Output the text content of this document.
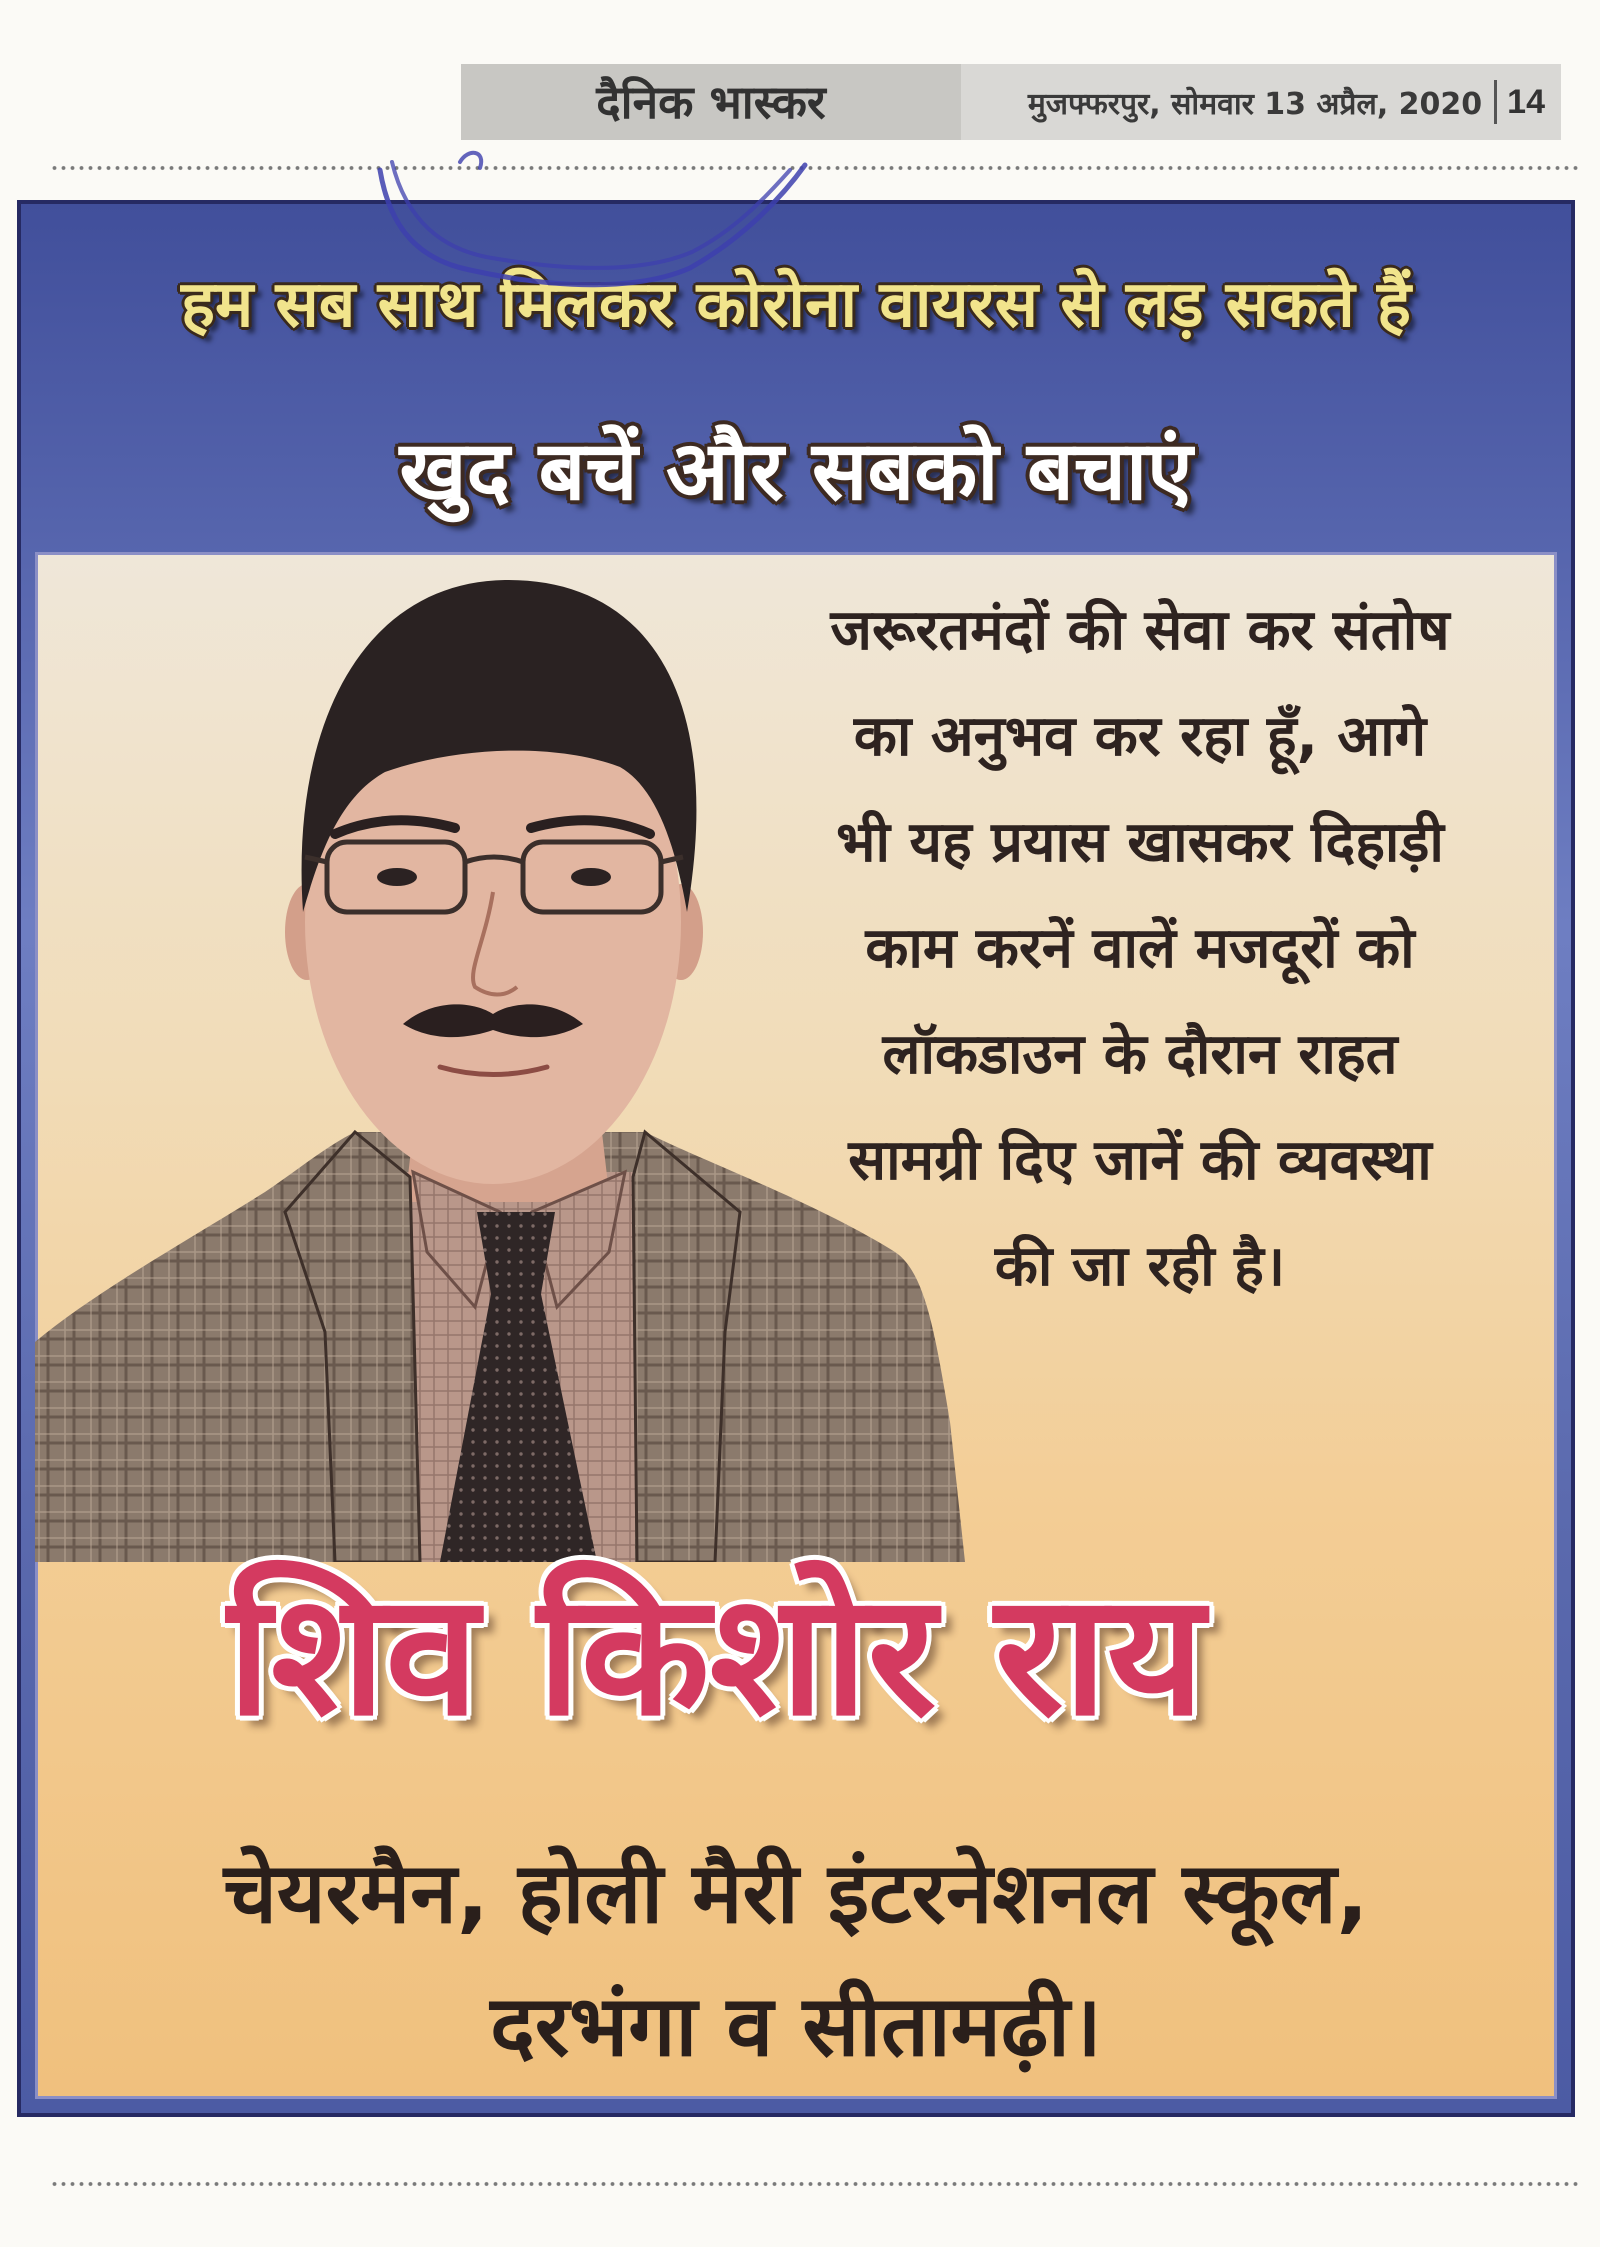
दैनिक भास्कर	मुजफ्फरपुर, सोमवार 13 अप्रैल, 2020 14
हम सब साथ मिलकर कोरोना वायरस से लड़ सकते हैं
खुद बचें और सबको बचाएं
जरूरतमंदों की सेवा कर संतोष
का अनुभव कर रहा हूँ, आगे
भी यह प्रयास खासकर दिहाड़ी
काम करनें वालें मजदूरों को
लॉकडाउन के दौरान राहत
सामग्री दिए जानें की व्यवस्था
की जा रही है।
शिव किशोर राय
चेयरमैन, होली मैरी इंटरनेशनल स्कूल,
दरभंगा व सीतामढ़ी।
